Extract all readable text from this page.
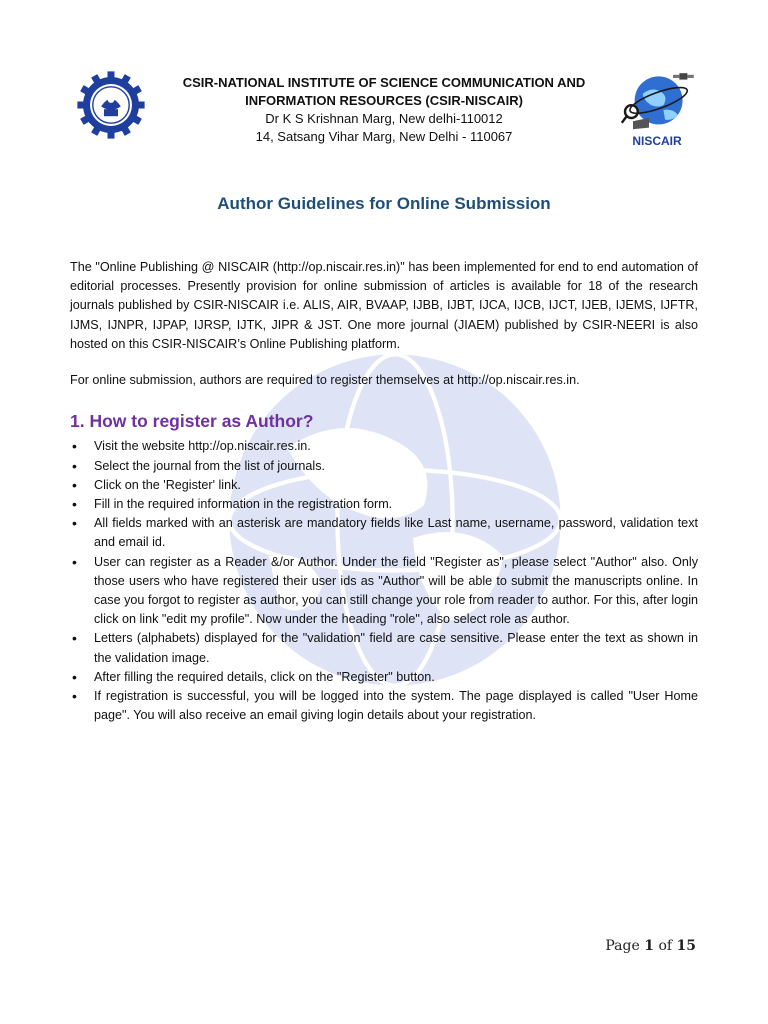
CSIR-NATIONAL INSTITUTE OF SCIENCE COMMUNICATION AND
INFORMATION RESOURCES (CSIR-NISCAIR)
Dr K S Krishnan Marg, New delhi-110012
14, Satsang Vihar Marg, New Delhi - 110067	NISCAIR
Author Guidelines for Online Submission

The "Online Publishing @ NISCAIR (http://op.niscair.res.in)" has been implemented for end to end automation of editorial processes. Presently provision for online submission of articles is available for 18 of the research journals published by CSIR-NISCAIR i.e. ALIS, AIR, BVAAP, IJBB, IJBT, IJCA, IJCB, IJCT, IJEB, IJEMS, IJFTR, IJMS, IJNPR, IJPAP, IJRSP, IJTK, JIPR & JST. One more journal (JIAEM) published by CSIR-NEERI is also hosted on this CSIR-NISCAIR’s Online Publishing platform.

For online submission, authors are required to register themselves at http://op.niscair.res.in.

1. How to register as Author?
• Visit the website http://op.niscair.res.in.
• Select the journal from the list of journals.
• Click on the 'Register' link.
• Fill in the required information in the registration form.
• All fields marked with an asterisk are mandatory fields like Last name, username, password, validation text and email id.
• User can register as a Reader &/or Author. Under the field "Register as", please select "Author" also. Only those users who have registered their user ids as "Author" will be able to submit the manuscripts online. In case you forgot to register as author, you can still change your role from reader to author. For this, after login click on link "edit my profile". Now under the heading "role", also select role as author.
• Letters (alphabets) displayed for the "validation" field are case sensitive. Please enter the text as shown in the validation image.
• After filling the required details, click on the "Register" button.
• If registration is successful, you will be logged into the system. The page displayed is called "User Home page". You will also receive an email giving login details about your registration.
Page 1 of 15
